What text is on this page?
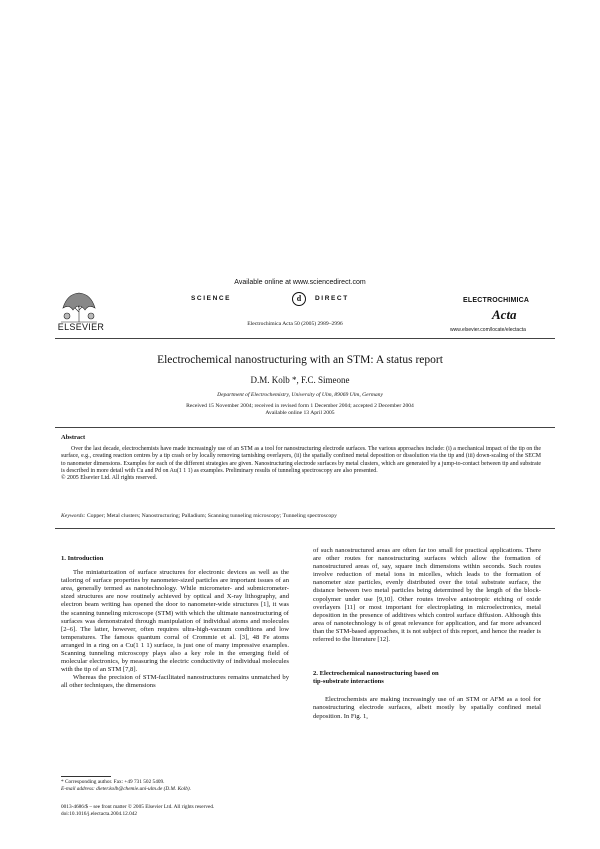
ELSEVIER
Available online at www.sciencedirect.com
SCIENCE	d	DIRECT
Electrochimica Acta 50 (2005) 2989–2996
ELECTROCHIMICA
Acta
www.elsevier.com/locate/electacta
Electrochemical nanostructuring with an STM: A status report
D.M. Kolb *, F.C. Simeone
Department of Electrochemistry, University of Ulm, 89069 Ulm, Germany
Received 15 November 2004; received in revised form 1 December 2004; accepted 2 December 2004
Available online 13 April 2005
Abstract
Over the last decade, electrochemists have made increasingly use of an STM as a tool for nanostructuring electrode surfaces. The various approaches include: (i) a mechanical impact of the tip on the surface, e.g., creating reaction centres by a tip crash or by locally removing tarnishing overlayers, (ii) the spatially confined metal deposition or dissolution via the tip and (iii) down-scaling of the SECM to nanometer dimensions. Examples for each of the different strategies are given. Nanostructuring electrode surfaces by metal clusters, which are generated by a jump-to-contact between tip and substrate is described in more detail with Cu and Pd on Au(1 1 1) as examples. Preliminary results of tunneling spectroscopy are also presented.
© 2005 Elsevier Ltd. All rights reserved.
Keywords: Copper; Metal clusters; Nanostructuring; Palladium; Scanning tunneling microscopy; Tunneling spectroscopy
1. Introduction

The miniaturization of surface structures for electronic devices as well as the tailoring of surface properties by nanometer-sized particles are important issues of an area, generally termed as nanotechnology. While micrometer- and submicrometer-sized structures are now routinely achieved by optical and X-ray lithography, and electron beam writing has opened the door to nanometer-wide structures [1], it was the scanning tunneling microscope (STM) with which the ultimate nanostructuring of surfaces was demonstrated through manipulation of individual atoms and molecules [2–6]. The latter, however, often requires ultra-high-vacuum conditions and low temperatures. The famous quantum corral of Crommie et al. [3], 48 Fe atoms arranged in a ring on a Cu(1 1 1) surface, is just one of many impressive examples. Scanning tunneling microscopy plays also a key role in the emerging field of molecular electronics, by measuring the electric conductivity of individual molecules with the tip of an STM [7,8].

Whereas the precision of STM-facilitated nanostructures remains unmatched by all other techniques, the dimensions

of such nanostructured areas are often far too small for practical applications. There are other routes for nanostructuring surfaces which allow the formation of nanostructured areas of, say, square inch dimensions within seconds. Such routes involve reduction of metal ions in micelles, which leads to the formation of nanometer size particles, evenly distributed over the total substrate surface, the distance between two metal particles being determined by the length of the block-copolymer under use [9,10]. Other routes involve anisotropic etching of oxide overlayers [11] or most important for electroplating in microelectronics, metal deposition in the presence of additives which control surface diffusion. Although this area of nanotechnology is of great relevance for application, and far more advanced than the STM-based approaches, it is not subject of this report, and hence the reader is referred to the literature [12].

2. Electrochemical nanostructuring based on
tip-substrate interactions

Electrochemists are making increasingly use of an STM or AFM as a tool for nanostructuring electrode surfaces, albeit mostly by spatially confined metal deposition. In Fig. 1,

* Corresponding author. Fax: +49 731 502 5409.
E-mail address: dieter.kolb@chemie.uni-ulm.de (D.M. Kolb).
0013-4686/$ – see front matter © 2005 Elsevier Ltd. All rights reserved.
doi:10.1016/j.electacta.2004.12.042
